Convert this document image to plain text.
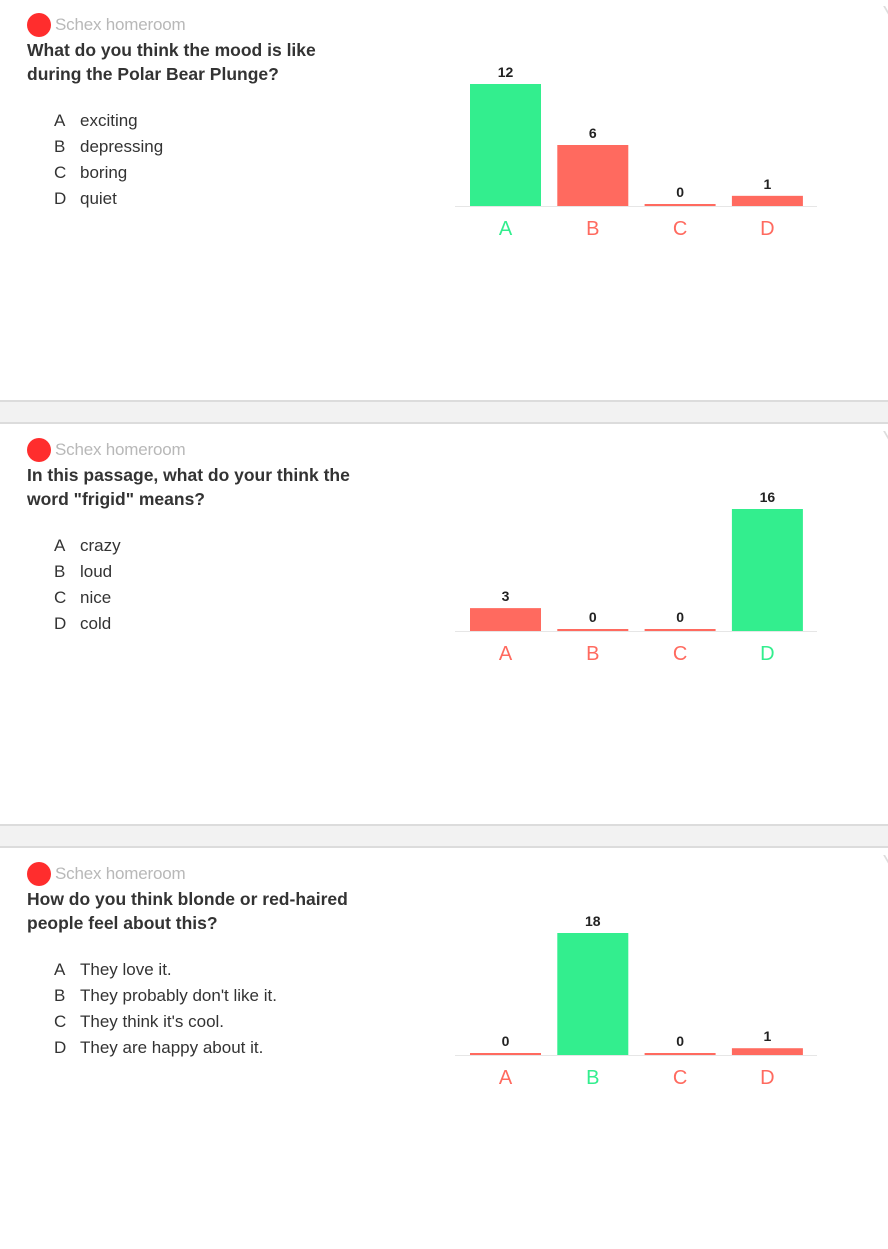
Schex homeroom
What do you think the mood is like during the Polar Bear Plunge?
A exciting
B depressing
C boring
D quiet
12
A
6
B
0
C
1
D
Schex homeroom
In this passage, what do your think the word "frigid" means?
A crazy
B loud
C nice
D cold
3
A
0
B
0
C
16
D
Schex homeroom
How do you think blonde or red-haired people feel about this?
A They love it.
B They probably don't like it.
C They think it's cool.
D They are happy about it.	0
A
18
B
0
C
1
D
